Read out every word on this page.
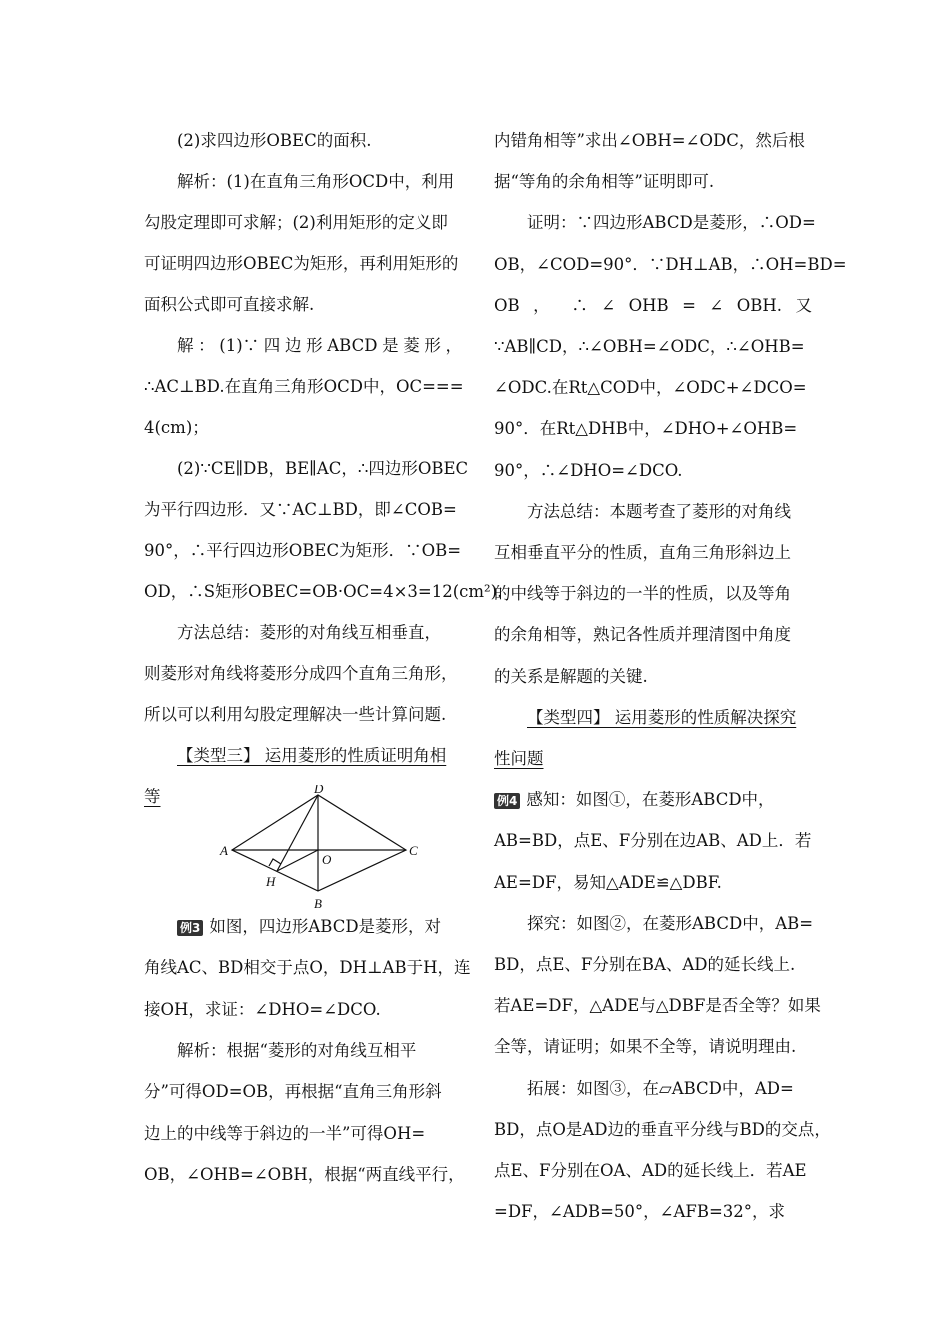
(2)求四边形OBEC的面积.
解析：(1)在直角三角形OCD中，利用
勾股定理即可求解；(2)利用矩形的定义即
可证明四边形OBEC为矩形，再利用矩形的
面积公式即可直接求解.
解：(1)∵四边形ABCD是菱形，
∴AC⊥BD.在直角三角形OCD中，OC===
4(cm)；
(2)∵CE∥DB，BE∥AC，∴四边形OBEC
为平行四边形．又∵AC⊥BD，即∠COB=
90°，∴平行四边形OBEC为矩形．∵OB=
OD，∴S矩形OBEC=OB·OC=4×3=12(cm²).
方法总结：菱形的对角线互相垂直，
则菱形对角线将菱形分成四个直角三角形，
所以可以利用勾股定理解决一些计算问题.
【类型三】 运用菱形的性质证明角相
等
例3 如图，四边形ABCD是菱形，对
角线AC、BD相交于点O，DH⊥AB于H，连
接OH，求证：∠DHO=∠DCO.
解析：根据“菱形的对角线互相平
分”可得OD=OB，再根据“直角三角形斜
边上的中线等于斜边的一半”可得OH=
OB，∠OHB=∠OBH，根据“两直线平行，
内错角相等”求出∠OBH=∠ODC，然后根
据“等角的余角相等”证明即可.
证明：∵四边形ABCD是菱形，∴OD=
OB，∠COD=90°．∵DH⊥AB，∴OH=BD=
OB ， ∴ ∠ OHB = ∠ OBH. 又
∵AB∥CD，∴∠OBH=∠ODC，∴∠OHB=
∠ODC.在Rt△COD中，∠ODC+∠DCO=
90°．在Rt△DHB中，∠DHO+∠OHB=
90°，∴∠DHO=∠DCO.
方法总结：本题考查了菱形的对角线
互相垂直平分的性质，直角三角形斜边上
的中线等于斜边的一半的性质，以及等角
的余角相等，熟记各性质并理清图中角度
的关系是解题的关键.
【类型四】 运用菱形的性质解决探究
性问题
例4 感知：如图①，在菱形ABCD中，
AB=BD，点E、F分别在边AB、AD上．若
AE=DF，易知△ADE≌△DBF.
探究：如图②，在菱形ABCD中，AB=
BD，点E、F分别在BA、AD的延长线上.
若AE=DF，△ADE与△DBF是否全等？如果
全等，请证明；如果不全等，请说明理由.
拓展：如图③，在▱ABCD中，AD=
BD，点O是AD边的垂直平分线与BD的交点，
点E、F分别在OA、AD的延长线上．若AE
=DF，∠ADB=50°，∠AFB=32°，求
A
D
C
B
O
H
